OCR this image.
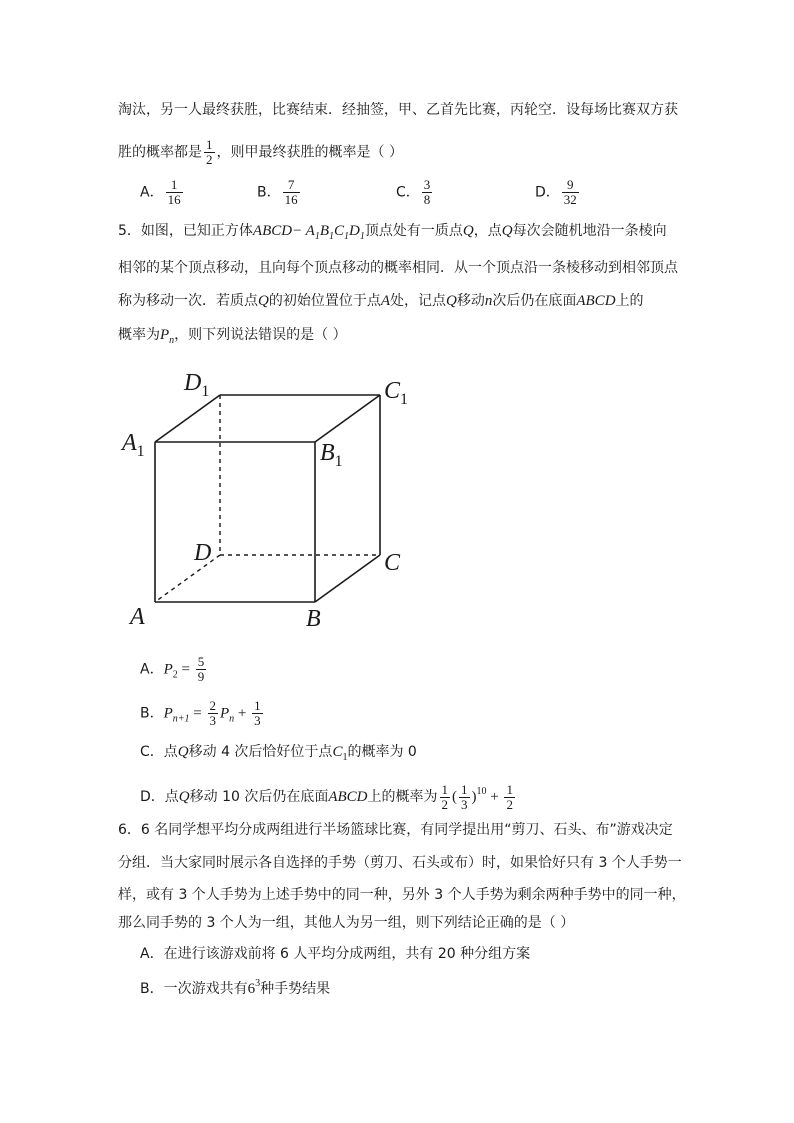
淘汰，另一人最终获胜，比赛结束．经抽签，甲、乙首先比赛，丙轮空．设每场比赛双方获
胜的概率都是 $\frac{1}{2}$ ，则甲最终获胜的概率是（ ）
A． $\frac{1}{16}$	B． $\frac{7}{16}$	C． $\frac{3}{8}$	D． $\frac{9}{32}$
5．如图，已知正方体ABCD− $A_1B_1C_1D_1$顶点处有一质点Q，点Q每次会随机地沿一条棱向
相邻的某个顶点移动，且向每个顶点移动的概率相同．从一个顶点沿一条棱移动到相邻顶点
称为移动一次．若质点Q的初始位置位于点A处，记点Q移动n次后仍在底面ABCD上的
概率为$P_n$，则下列说法错误的是（ ）
$D_1$	$C_1$
$A_1$	$B_1$
D	C
A	B
A．$P_2 = \frac{5}{9}$
B．$P_{n+1} = \frac{2}{3} P_n + \frac{1}{3}$
C．点Q移动 4 次后恰好位于点$C_1$的概率为 0
D．点Q移动 10 次后仍在底面ABCD上的概率为 $\frac{1}{2}$ ( $\frac{1}{3} )^{10} + \frac{1}{2}$
6．6 名同学想平均分成两组进行半场篮球比赛，有同学提出用“剪刀、石头、布”游戏决定
分组．当大家同时展示各自选择的手势（剪刀、石头或布）时，如果恰好只有 3 个人手势一
样，或有 3 个人手势为上述手势中的同一种，另外 3 个人手势为剩余两种手势中的同一种，
那么同手势的 3 个人为一组，其他人为另一组，则下列结论正确的是（ ）
A．在进行该游戏前将 6 人平均分成两组，共有 20 种分组方案
B．一次游戏共有$6^3$种手势结果
